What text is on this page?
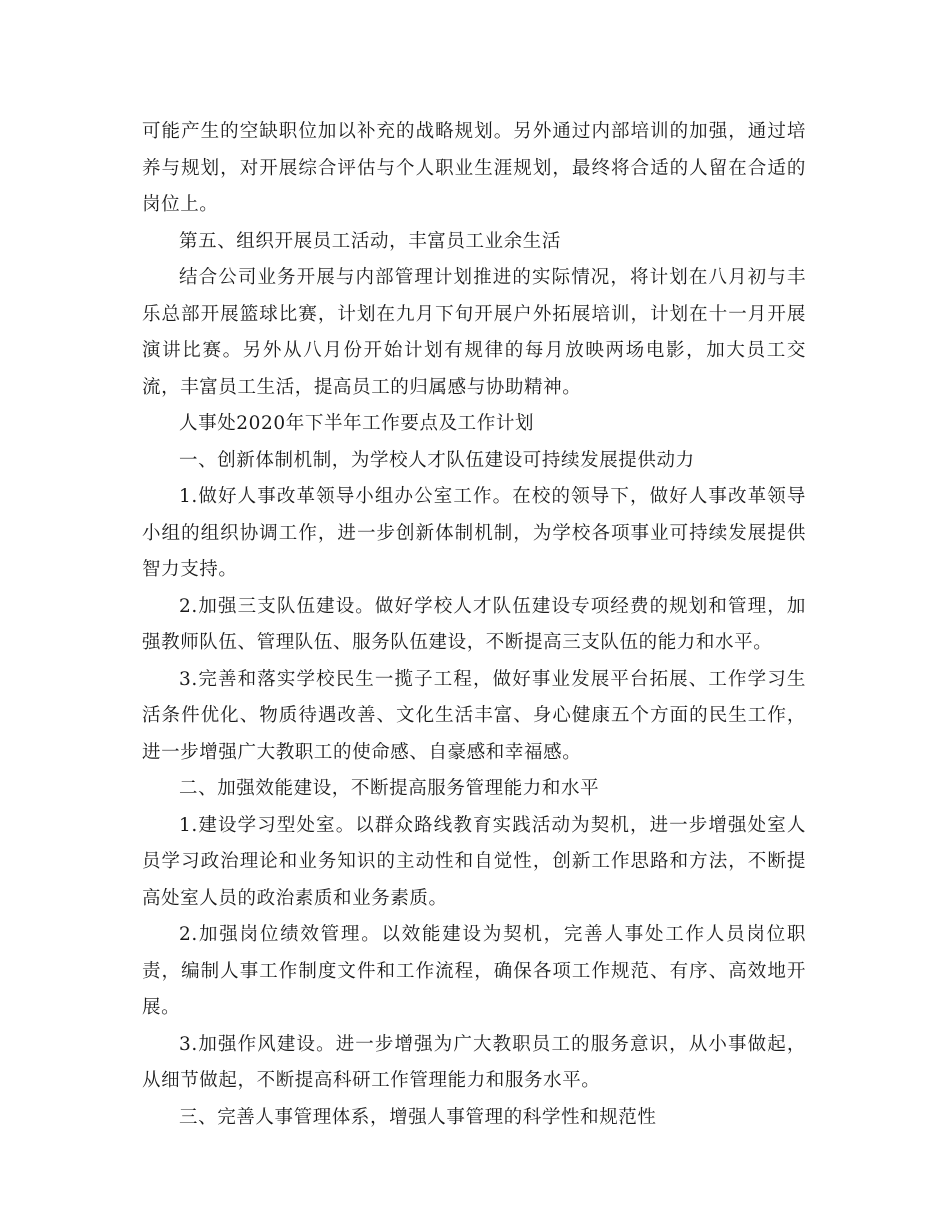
可能产生的空缺职位加以补充的战略规划。另外通过内部培训的加强，通过培养与规划，对开展综合评估与个人职业生涯规划，最终将合适的人留在合适的岗位上。

第五、组织开展员工活动，丰富员工业余生活

结合公司业务开展与内部管理计划推进的实际情况，将计划在八月初与丰乐总部开展篮球比赛，计划在九月下旬开展户外拓展培训，计划在十一月开展演讲比赛。另外从八月份开始计划有规律的每月放映两场电影，加大员工交流，丰富员工生活，提高员工的归属感与协助精神。

人事处2020年下半年工作要点及工作计划

一、创新体制机制，为学校人才队伍建设可持续发展提供动力

1.做好人事改革领导小组办公室工作。在校的领导下，做好人事改革领导小组的组织协调工作，进一步创新体制机制，为学校各项事业可持续发展提供智力支持。

2.加强三支队伍建设。做好学校人才队伍建设专项经费的规划和管理，加强教师队伍、管理队伍、服务队伍建设，不断提高三支队伍的能力和水平。

3.完善和落实学校民生一揽子工程，做好事业发展平台拓展、工作学习生活条件优化、物质待遇改善、文化生活丰富、身心健康五个方面的民生工作，进一步增强广大教职工的使命感、自豪感和幸福感。

二、加强效能建设，不断提高服务管理能力和水平

1.建设学习型处室。以群众路线教育实践活动为契机，进一步增强处室人员学习政治理论和业务知识的主动性和自觉性，创新工作思路和方法，不断提高处室人员的政治素质和业务素质。

2.加强岗位绩效管理。以效能建设为契机，完善人事处工作人员岗位职责，编制人事工作制度文件和工作流程，确保各项工作规范、有序、高效地开展。

3.加强作风建设。进一步增强为广大教职员工的服务意识，从小事做起，从细节做起，不断提高科研工作管理能力和服务水平。

三、完善人事管理体系，增强人事管理的科学性和规范性
